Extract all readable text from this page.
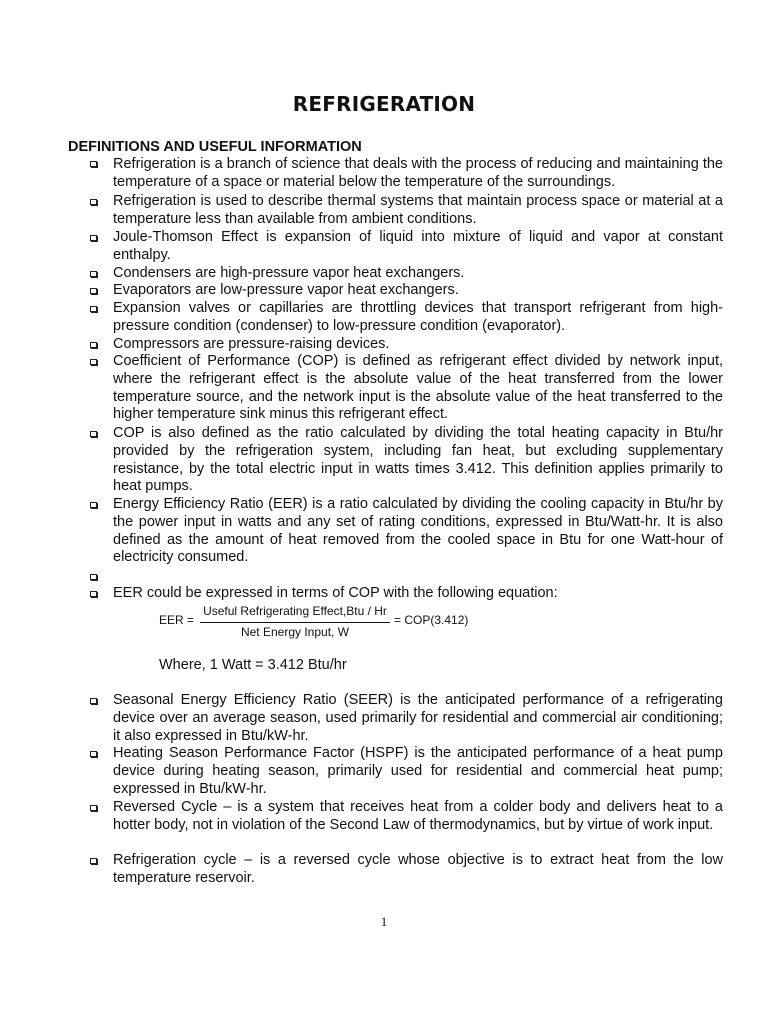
REFRIGERATION
DEFINITIONS AND USEFUL INFORMATION
Refrigeration is a branch of science that deals with the process of reducing and maintaining the temperature of a space or material below the temperature of the surroundings.
Refrigeration is used to describe thermal systems that maintain process space or material at a temperature less than available from ambient conditions.
Joule-Thomson Effect is expansion of liquid into mixture of liquid and vapor at constant enthalpy.
Condensers are high-pressure vapor heat exchangers.
Evaporators are low-pressure vapor heat exchangers.
Expansion valves or capillaries are throttling devices that transport refrigerant from high-pressure condition (condenser) to low-pressure condition (evaporator).
Compressors are pressure-raising devices.
Coefficient of Performance (COP) is defined as refrigerant effect divided by network input, where the refrigerant effect is the absolute value of the heat transferred from the lower temperature source, and the network input is the absolute value of the heat transferred to the higher temperature sink minus this refrigerant effect.
COP is also defined as the ratio calculated by dividing the total heating capacity in Btu/hr provided by the refrigeration system, including fan heat, but excluding supplementary resistance, by the total electric input in watts times 3.412. This definition applies primarily to heat pumps.
Energy Efficiency Ratio (EER) is a ratio calculated by dividing the cooling capacity in Btu/hr by the power input in watts and any set of rating conditions, expressed in Btu/Watt-hr. It is also defined as the amount of heat removed from the cooled space in Btu for one Watt-hour of electricity consumed.
EER could be expressed in terms of COP with the following equation:
EER =
Useful Refrigerating Effect,Btu / Hr
Net Energy Input, W
= COP(3.412)
Where, 1 Watt = 3.412 Btu/hr
Seasonal Energy Efficiency Ratio (SEER) is the anticipated performance of a refrigerating device over an average season, used primarily for residential and commercial air conditioning; it also expressed in Btu/kW-hr.
Heating Season Performance Factor (HSPF) is the anticipated performance of a heat pump device during heating season, primarily used for residential and commercial heat pump; expressed in Btu/kW-hr.
Reversed Cycle – is a system that receives heat from a colder body and delivers heat to a hotter body, not in violation of the Second Law of thermodynamics, but by virtue of work input.
Refrigeration cycle – is a reversed cycle whose objective is to extract heat from the low temperature reservoir.
1
